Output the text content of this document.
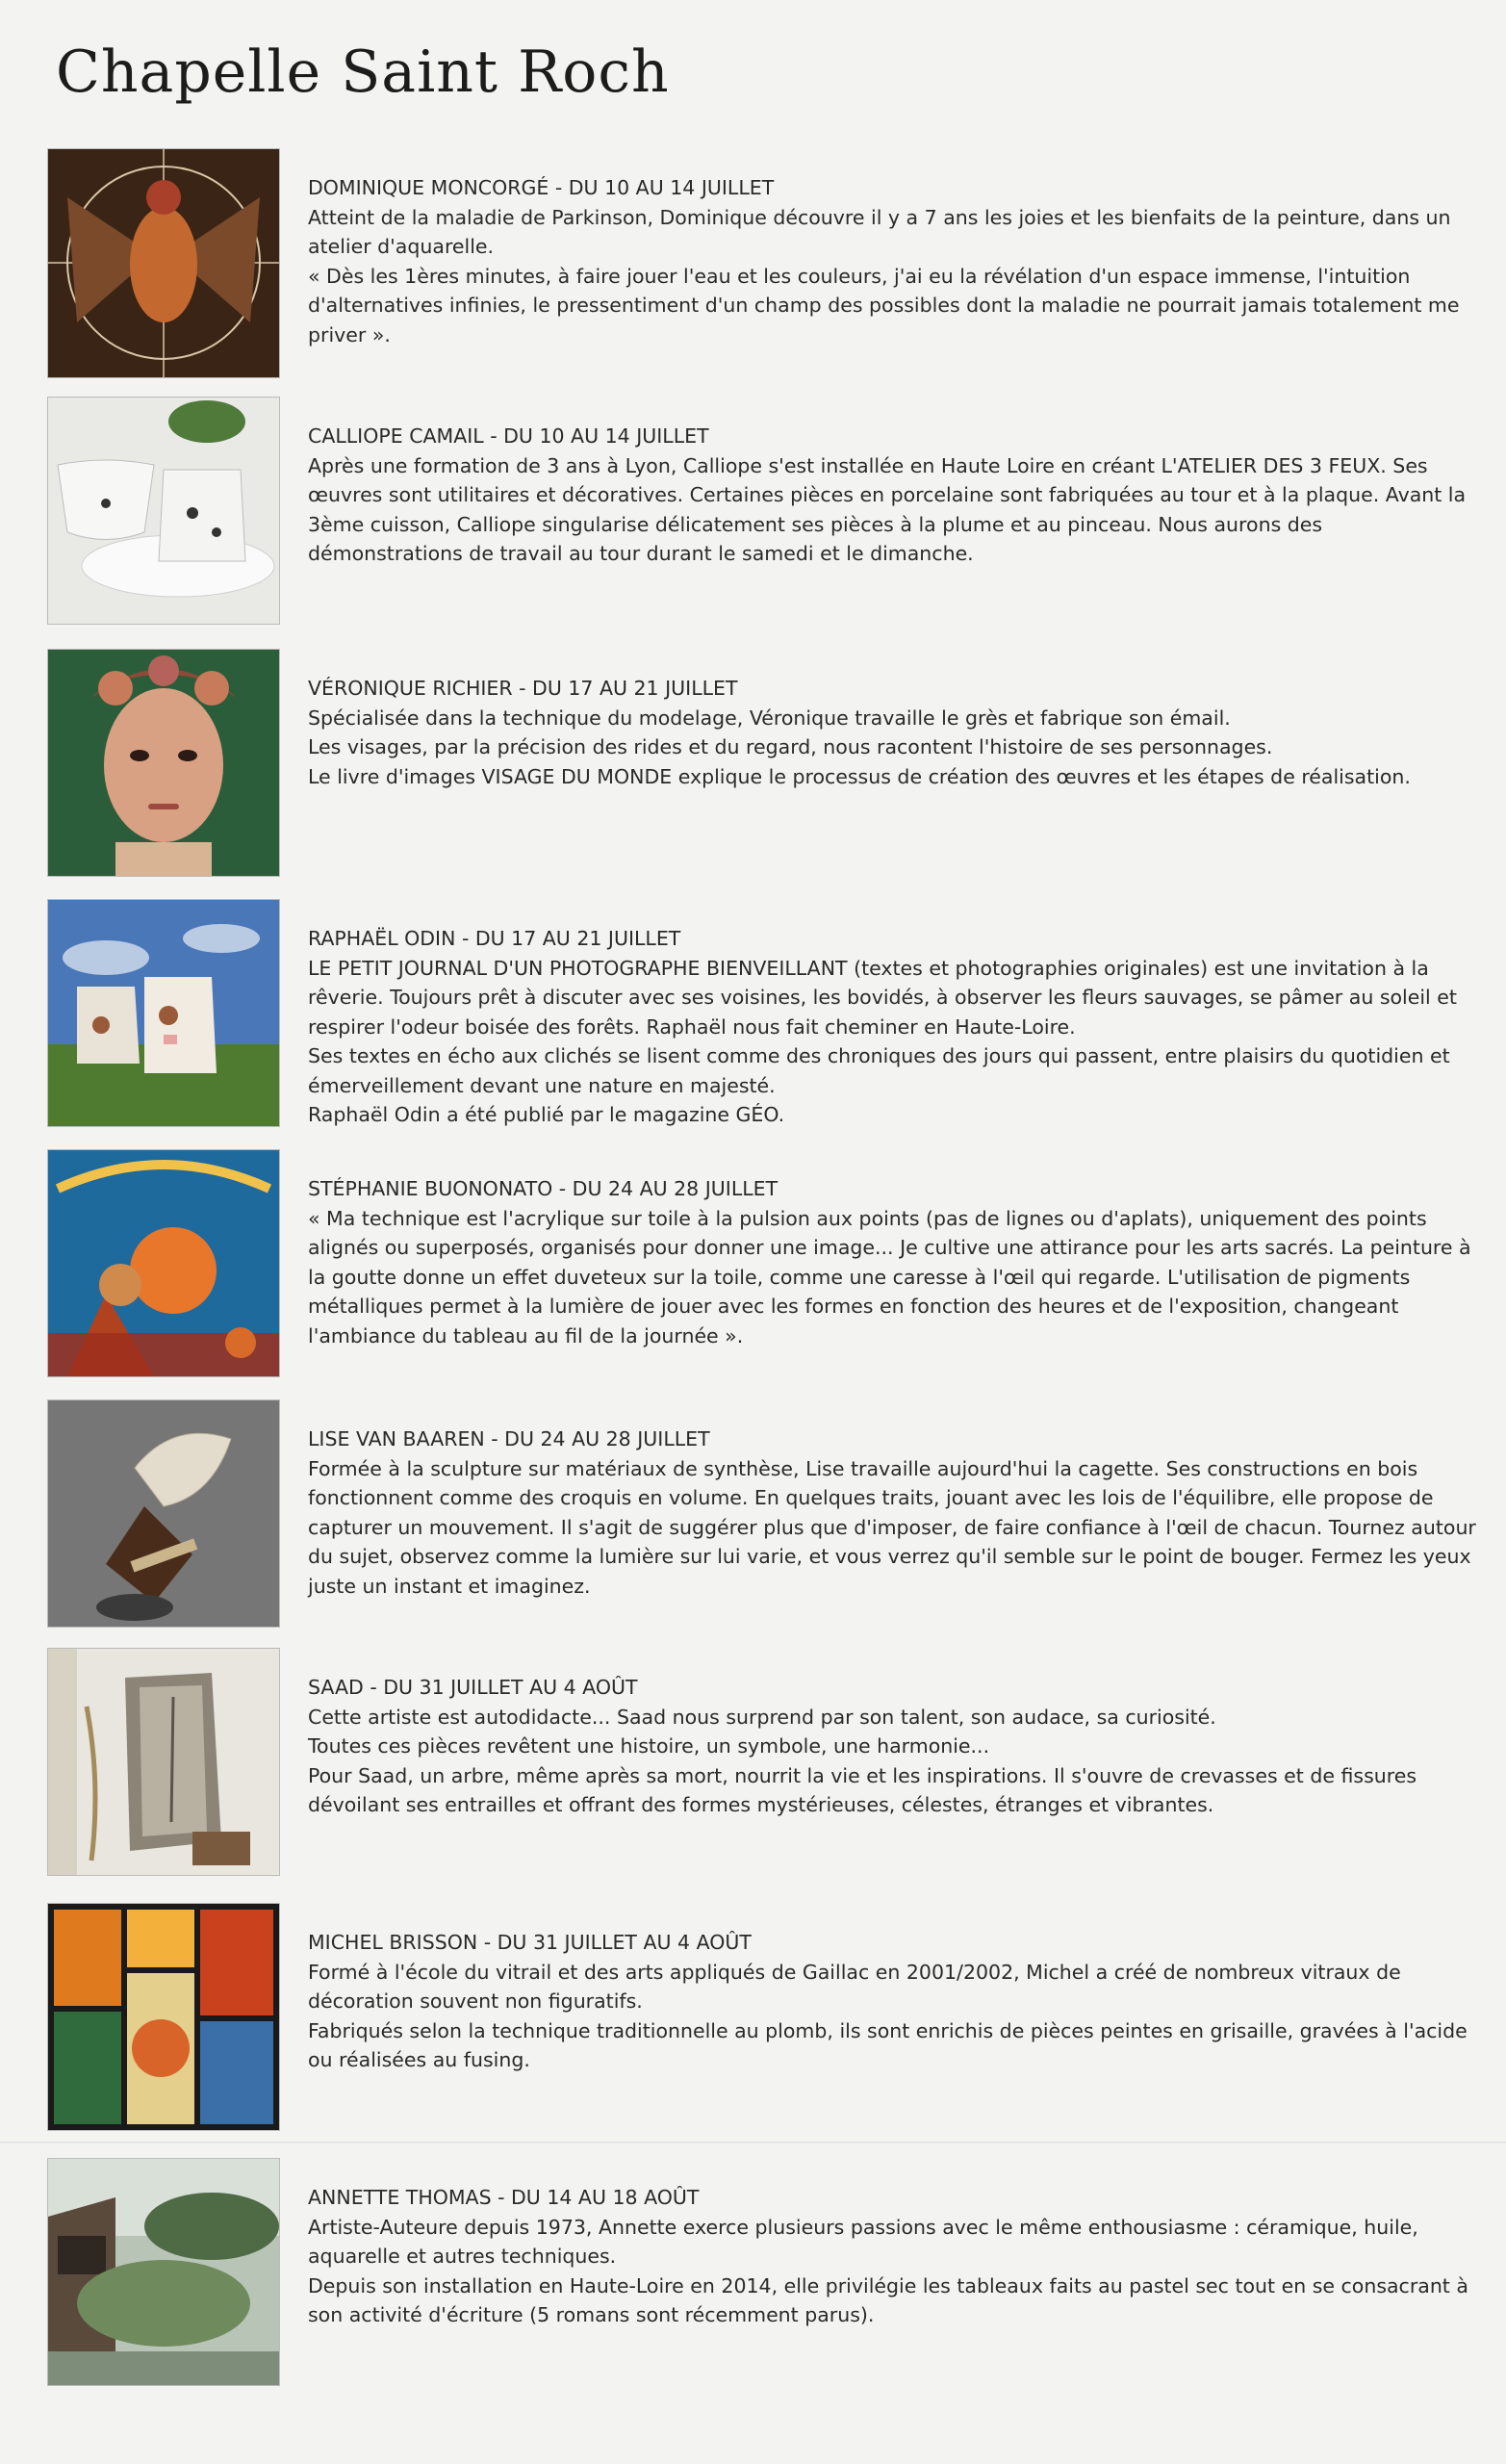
Chapelle Saint Roch
DOMINIQUE MONCORGÉ - DU 10 AU 14 JUILLET

Atteint de la maladie de Parkinson, Dominique découvre il y a 7 ans les joies et les bienfaits de la peinture, dans un atelier d'aquarelle.

« Dès les 1ères minutes, à faire jouer l'eau et les couleurs, j'ai eu la révélation d'un espace immense, l'intuition d'alternatives infinies, le pressentiment d'un champ des possibles dont la maladie ne pourrait jamais totalement me priver ».

CALLIOPE CAMAIL - DU 10 AU 14 JUILLET

Après une formation de 3 ans à Lyon, Calliope s'est installée en Haute Loire en créant L'ATELIER DES 3 FEUX. Ses œuvres sont utilitaires et décoratives. Certaines pièces en porcelaine sont fabriquées au tour et à la plaque. Avant la 3ème cuisson, Calliope singularise délicatement ses pièces à la plume et au pinceau. Nous aurons des démonstrations de travail au tour durant le samedi et le dimanche.

VÉRONIQUE RICHIER - DU 17 AU 21 JUILLET

Spécialisée dans la technique du modelage, Véronique travaille le grès et fabrique son émail.

Les visages, par la précision des rides et du regard, nous racontent l'histoire de ses personnages.

Le livre d'images VISAGE DU MONDE explique le processus de création des œuvres et les étapes de réalisation.

RAPHAËL ODIN - DU 17 AU 21 JUILLET

LE PETIT JOURNAL D'UN PHOTOGRAPHE BIENVEILLANT (textes et photographies originales) est une invitation à la rêverie. Toujours prêt à discuter avec ses voisines, les bovidés, à observer les fleurs sauvages, se pâmer au soleil et respirer l'odeur boisée des forêts. Raphaël nous fait cheminer en Haute-Loire.

Ses textes en écho aux clichés se lisent comme des chroniques des jours qui passent, entre plaisirs du quotidien et émerveillement devant une nature en majesté.

Raphaël Odin a été publié par le magazine GÉO.

STÉPHANIE BUONONATO - DU 24 AU 28 JUILLET

« Ma technique est l'acrylique sur toile à la pulsion aux points (pas de lignes ou d'aplats), uniquement des points alignés ou superposés, organisés pour donner une image... Je cultive une attirance pour les arts sacrés. La peinture à la goutte donne un effet duveteux sur la toile, comme une caresse à l'œil qui regarde. L'utilisation de pigments métalliques permet à la lumière de jouer avec les formes en fonction des heures et de l'exposition, changeant l'ambiance du tableau au fil de la journée ».

LISE VAN BAAREN - DU 24 AU 28 JUILLET

Formée à la sculpture sur matériaux de synthèse, Lise travaille aujourd'hui la cagette. Ses constructions en bois fonctionnent comme des croquis en volume. En quelques traits, jouant avec les lois de l'équilibre, elle propose de capturer un mouvement. Il s'agit de suggérer plus que d'imposer, de faire confiance à l'œil de chacun. Tournez autour du sujet, observez comme la lumière sur lui varie, et vous verrez qu'il semble sur le point de bouger. Fermez les yeux juste un instant et imaginez.

SAAD - DU 31 JUILLET AU 4 AOÛT

Cette artiste est autodidacte... Saad nous surprend par son talent, son audace, sa curiosité.

Toutes ces pièces revêtent une histoire, un symbole, une harmonie...

Pour Saad, un arbre, même après sa mort, nourrit la vie et les inspirations. Il s'ouvre de crevasses et de fissures dévoilant ses entrailles et offrant des formes mystérieuses, célestes, étranges et vibrantes.

MICHEL BRISSON - DU 31 JUILLET AU 4 AOÛT

Formé à l'école du vitrail et des arts appliqués de Gaillac en 2001/2002, Michel a créé de nombreux vitraux de décoration souvent non figuratifs.

Fabriqués selon la technique traditionnelle au plomb, ils sont enrichis de pièces peintes en grisaille, gravées à l'acide ou réalisées au fusing.

ANNETTE THOMAS - DU 14 AU 18 AOÛT

Artiste-Auteure depuis 1973, Annette exerce plusieurs passions avec le même enthousiasme : céramique, huile, aquarelle et autres techniques.

Depuis son installation en Haute-Loire en 2014, elle privilégie les tableaux faits au pastel sec tout en se consacrant à son activité d'écriture (5 romans sont récemment parus).
